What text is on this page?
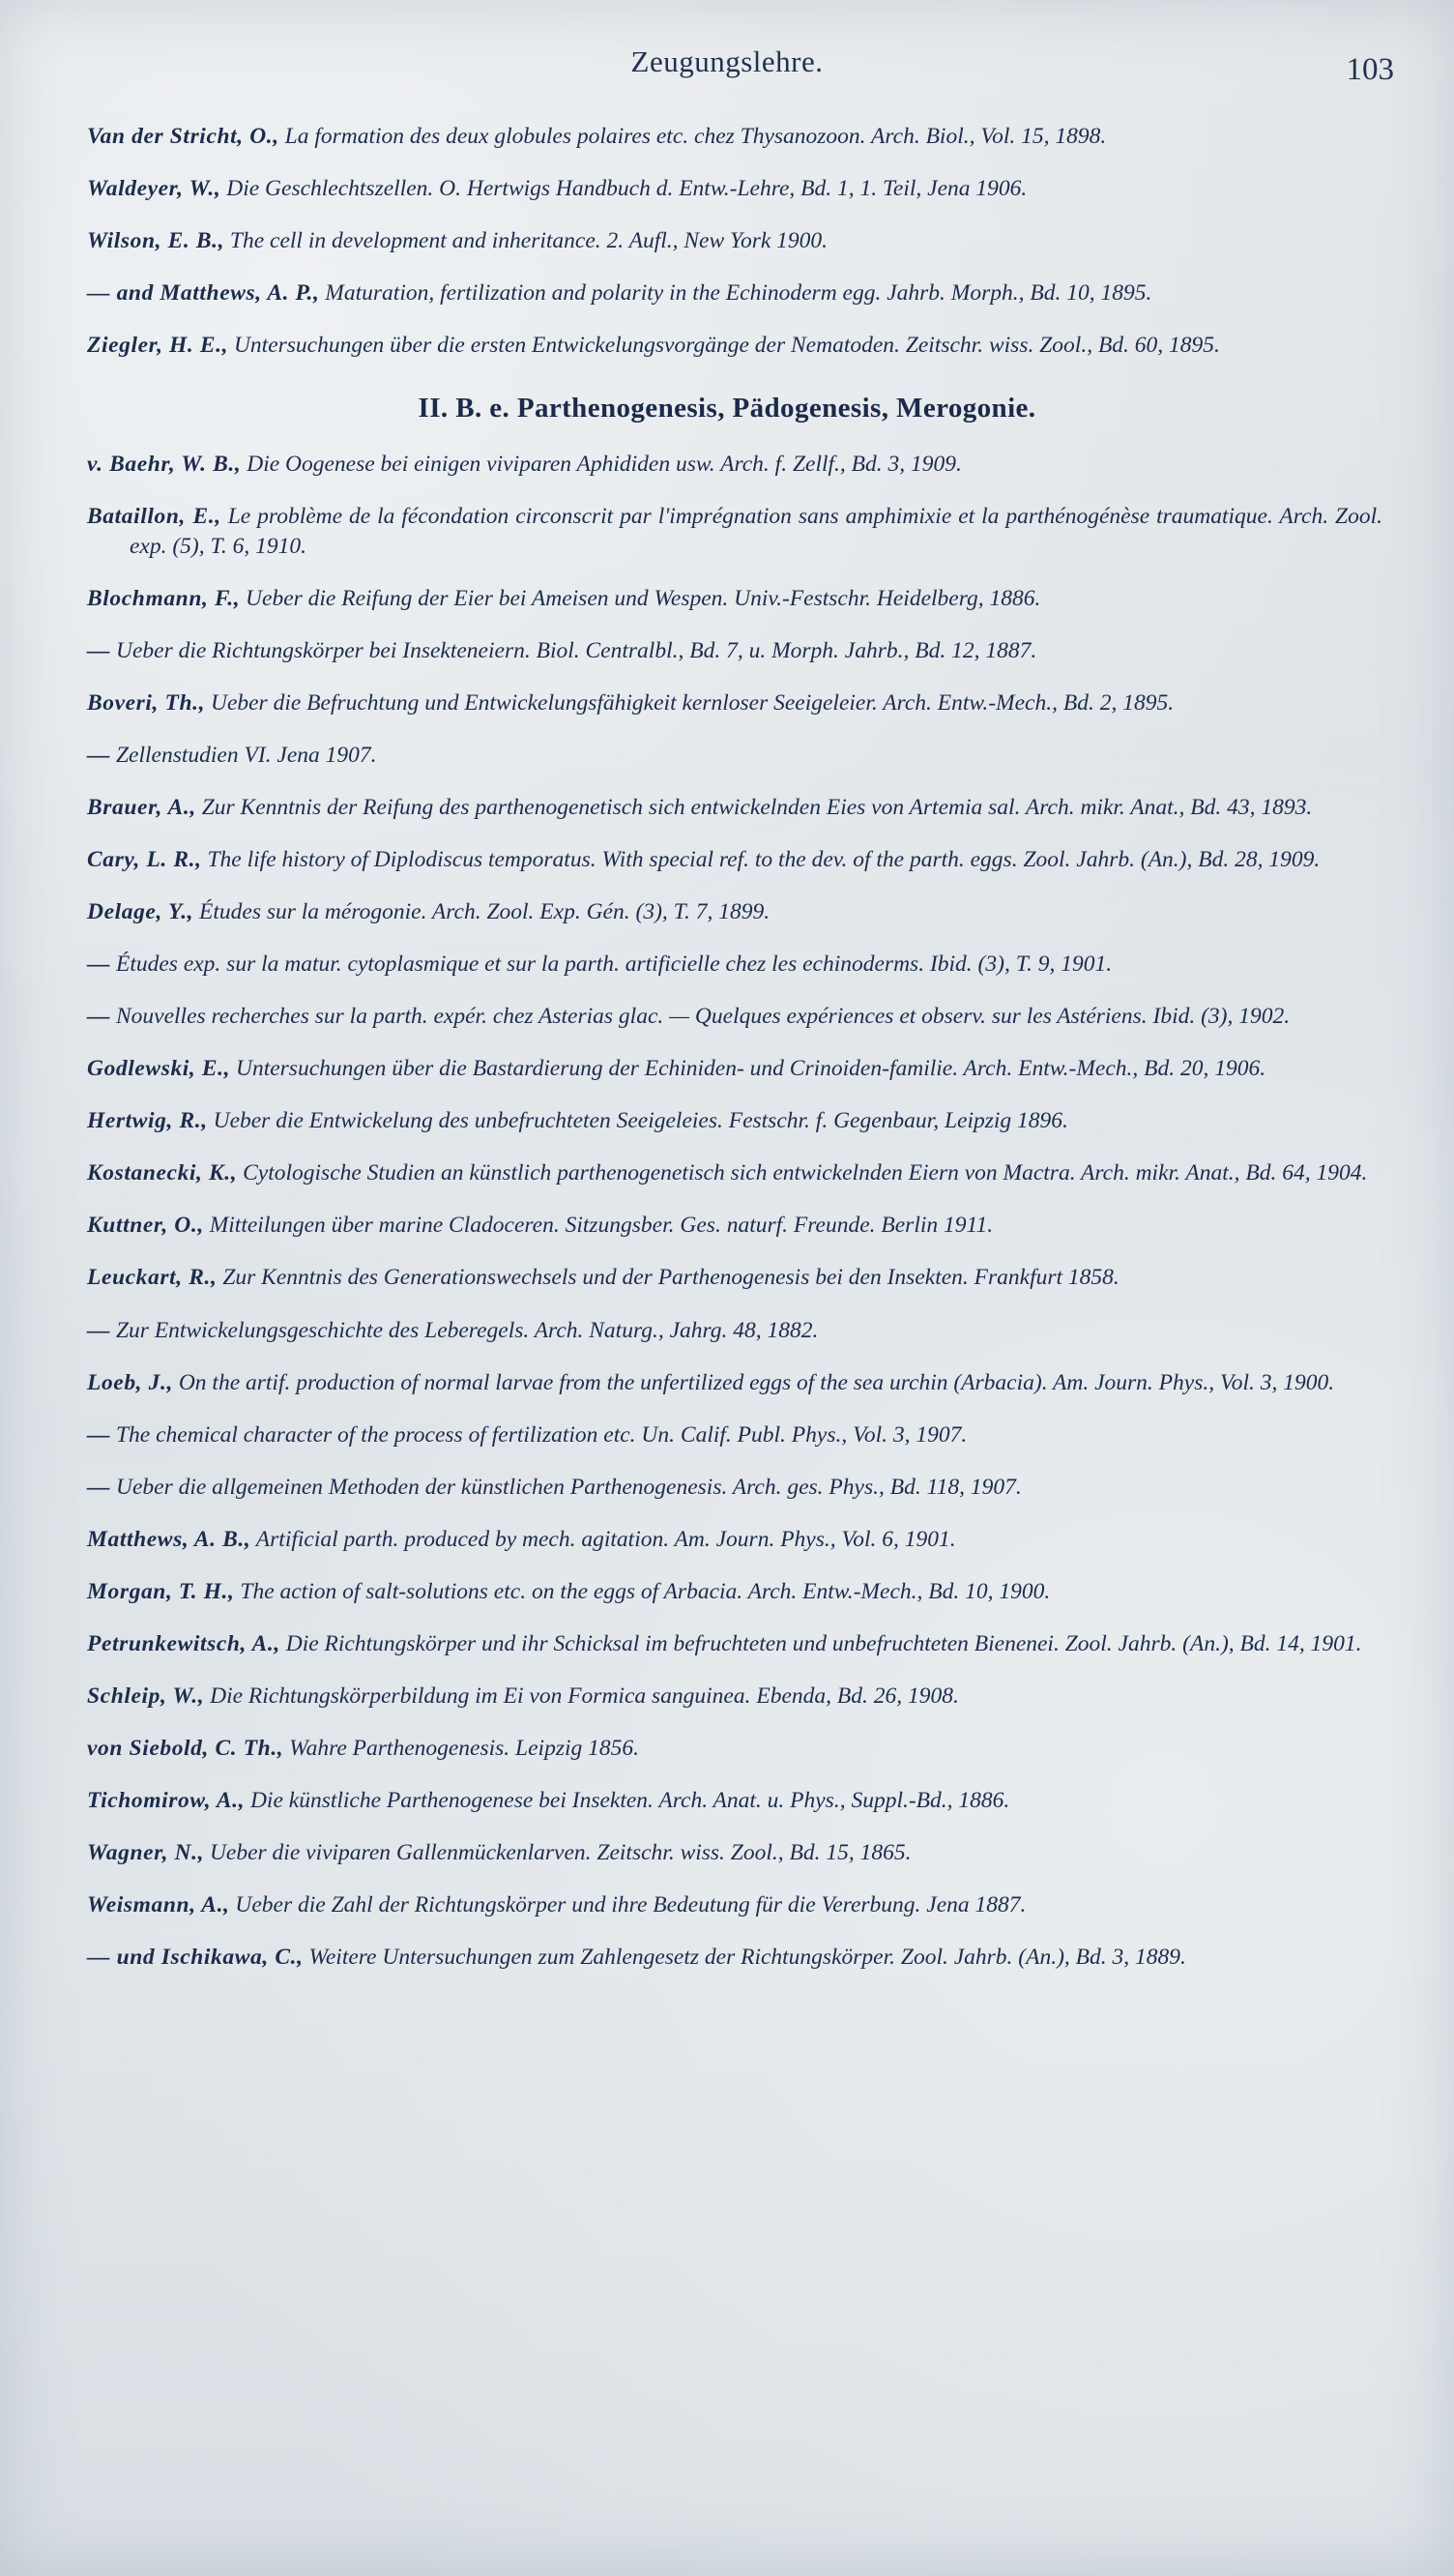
Zeugungslehre.	103

Van der Stricht, O., La formation des deux globules polaires etc. chez Thysanozoon. Arch. Biol., Vol. 15, 1898.

Waldeyer, W., Die Geschlechtszellen. O. Hertwigs Handbuch d. Entw.-Lehre, Bd. 1, 1. Teil, Jena 1906.

Wilson, E. B., The cell in development and inheritance. 2. Aufl., New York 1900.

— and Matthews, A. P., Maturation, fertilization and polarity in the Echinoderm egg. Jahrb. Morph., Bd. 10, 1895.

Ziegler, H. E., Untersuchungen über die ersten Entwickelungsvorgänge der Nematoden. Zeitschr. wiss. Zool., Bd. 60, 1895.

II. B. e. Parthenogenesis, Pädogenesis, Merogonie.

v. Baehr, W. B., Die Oogenese bei einigen viviparen Aphididen usw. Arch. f. Zellf., Bd. 3, 1909.

Bataillon, E., Le problème de la fécondation circonscrit par l'imprégnation sans amphimixie et la parthénogénèse traumatique. Arch. Zool. exp. (5), T. 6, 1910.

Blochmann, F., Ueber die Reifung der Eier bei Ameisen und Wespen. Univ.-Festschr. Heidelberg, 1886.

— Ueber die Richtungskörper bei Insekteneiern. Biol. Centralbl., Bd. 7, u. Morph. Jahrb., Bd. 12, 1887.

Boveri, Th., Ueber die Befruchtung und Entwickelungsfähigkeit kernloser Seeigeleier. Arch. Entw.-Mech., Bd. 2, 1895.

— Zellenstudien VI. Jena 1907.

Brauer, A., Zur Kenntnis der Reifung des parthenogenetisch sich entwickelnden Eies von Artemia sal. Arch. mikr. Anat., Bd. 43, 1893.

Cary, L. R., The life history of Diplodiscus temporatus. With special ref. to the dev. of the parth. eggs. Zool. Jahrb. (An.), Bd. 28, 1909.

Delage, Y., Études sur la mérogonie. Arch. Zool. Exp. Gén. (3), T. 7, 1899.

— Études exp. sur la matur. cytoplasmique et sur la parth. artificielle chez les echinoderms. Ibid. (3), T. 9, 1901.

— Nouvelles recherches sur la parth. expér. chez Asterias glac. — Quelques expériences et observ. sur les Astériens. Ibid. (3), 1902.

Godlewski, E., Untersuchungen über die Bastardierung der Echiniden- und Crinoiden-familie. Arch. Entw.-Mech., Bd. 20, 1906.

Hertwig, R., Ueber die Entwickelung des unbefruchteten Seeigeleies. Festschr. f. Gegenbaur, Leipzig 1896.

Kostanecki, K., Cytologische Studien an künstlich parthenogenetisch sich entwickelnden Eiern von Mactra. Arch. mikr. Anat., Bd. 64, 1904.

Kuttner, O., Mitteilungen über marine Cladoceren. Sitzungsber. Ges. naturf. Freunde. Berlin 1911.

Leuckart, R., Zur Kenntnis des Generationswechsels und der Parthenogenesis bei den Insekten. Frankfurt 1858.

— Zur Entwickelungsgeschichte des Leberegels. Arch. Naturg., Jahrg. 48, 1882.

Loeb, J., On the artif. production of normal larvae from the unfertilized eggs of the sea urchin (Arbacia). Am. Journ. Phys., Vol. 3, 1900.

— The chemical character of the process of fertilization etc. Un. Calif. Publ. Phys., Vol. 3, 1907.

— Ueber die allgemeinen Methoden der künstlichen Parthenogenesis. Arch. ges. Phys., Bd. 118, 1907.

Matthews, A. B., Artificial parth. produced by mech. agitation. Am. Journ. Phys., Vol. 6, 1901.

Morgan, T. H., The action of salt-solutions etc. on the eggs of Arbacia. Arch. Entw.-Mech., Bd. 10, 1900.

Petrunkewitsch, A., Die Richtungskörper und ihr Schicksal im befruchteten und unbefruchteten Bienenei. Zool. Jahrb. (An.), Bd. 14, 1901.

Schleip, W., Die Richtungskörperbildung im Ei von Formica sanguinea. Ebenda, Bd. 26, 1908.

von Siebold, C. Th., Wahre Parthenogenesis. Leipzig 1856.

Tichomirow, A., Die künstliche Parthenogenese bei Insekten. Arch. Anat. u. Phys., Suppl.-Bd., 1886.

Wagner, N., Ueber die viviparen Gallenmückenlarven. Zeitschr. wiss. Zool., Bd. 15, 1865.

Weismann, A., Ueber die Zahl der Richtungskörper und ihre Bedeutung für die Vererbung. Jena 1887.

— und Ischikawa, C., Weitere Untersuchungen zum Zahlengesetz der Richtungskörper. Zool. Jahrb. (An.), Bd. 3, 1889.
